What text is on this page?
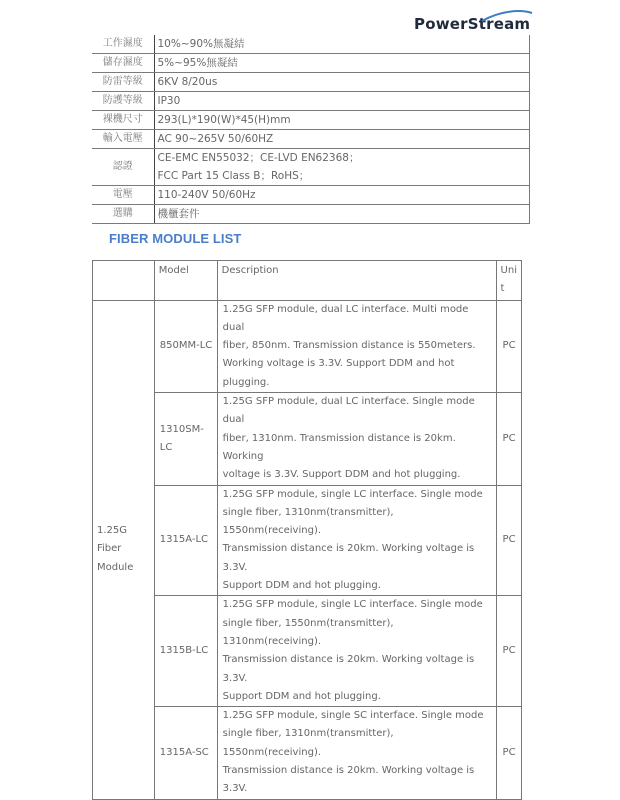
PowerStream
工作濕度	10%~90%無凝結
儲存濕度	5%~95%無凝結
防雷等級	6KV 8/20us
防護等級	IP30
裸機尺寸	293(L)*190(W)*45(H)mm
輸入電壓	AC 90~265V 50/60HZ
認證	CE-EMC EN55032；CE-LVD EN62368；
FCC Part 15 Class B；RoHS；

電壓	110-240V 50/60Hz
選購	機櫃套件
FIBER MODULE LIST
	Model	Description	Uni
t

1.25G
Fiber
Module	850MM-LC	1.25G SFP module, dual LC interface. Multi mode dual
fiber, 850nm. Transmission distance is 550meters.
Working voltage is 3.3V. Support DDM and hot plugging.	PC
	1310SM-LC	1.25G SFP module, dual LC interface. Single mode dual
fiber, 1310nm. Transmission distance is 20km. Working
voltage is 3.3V. Support DDM and hot plugging.	PC
	1315A-LC	1.25G SFP module, single LC interface. Single mode
single fiber, 1310nm(transmitter), 1550nm(receiving).
Transmission distance is 20km. Working voltage is 3.3V.
Support DDM and hot plugging.	PC
	1315B-LC	1.25G SFP module, single LC interface. Single mode
single fiber, 1550nm(transmitter), 1310nm(receiving).
Transmission distance is 20km. Working voltage is 3.3V.
Support DDM and hot plugging.	PC
	1315A-SC	1.25G SFP module, single SC interface. Single mode
single fiber, 1310nm(transmitter), 1550nm(receiving).
Transmission distance is 20km. Working voltage is 3.3V.	PC
